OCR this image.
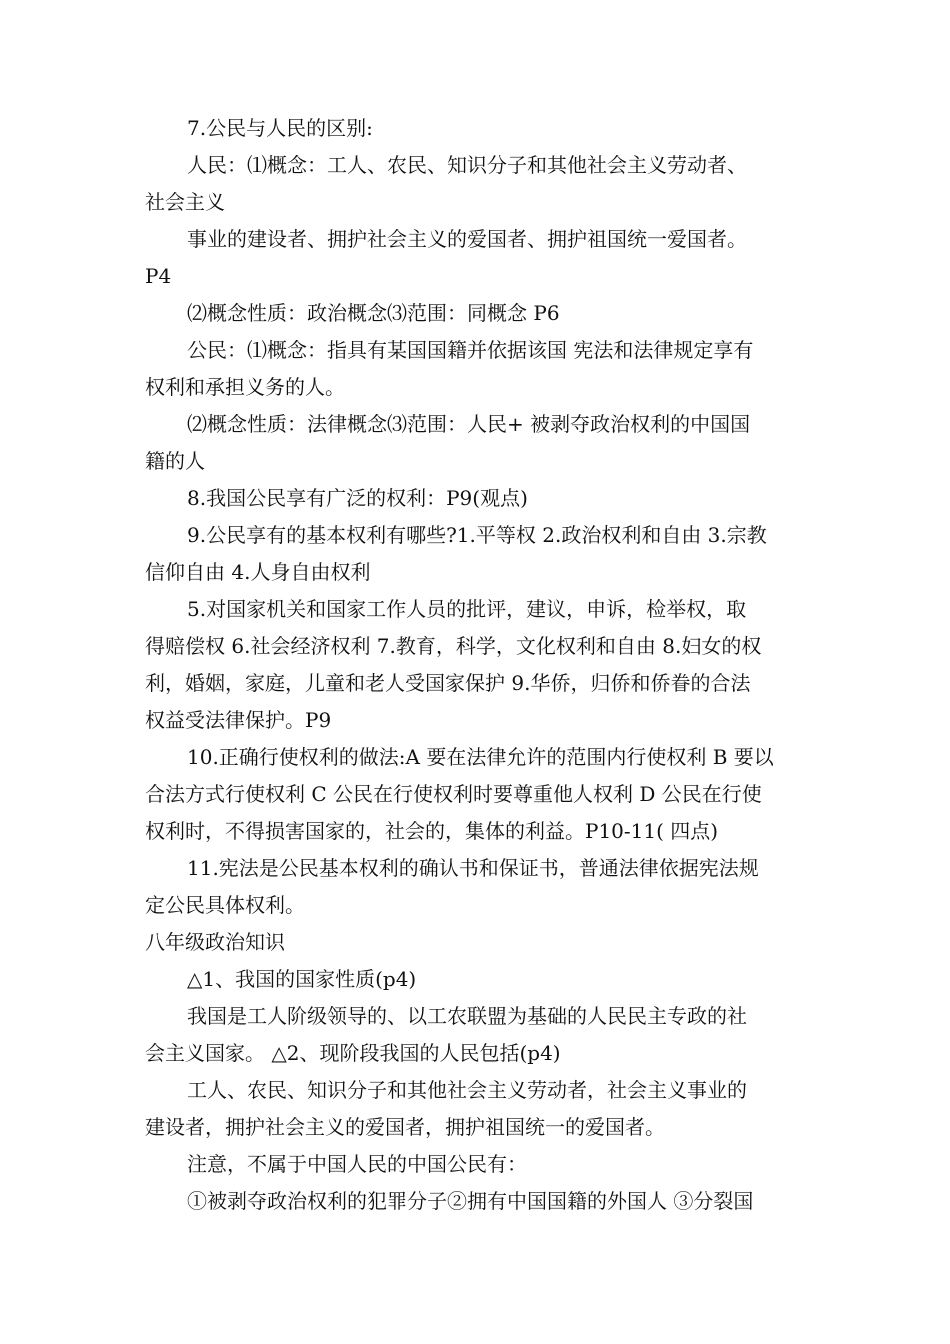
7.公民与人民的区别:

人民：⑴概念：工人、农民、知识分子和其他社会主义劳动者、
社会主义

事业的建设者、拥护社会主义的爱国者、拥护祖国统一爱国者。
P4

⑵概念性质：政治概念⑶范围：同概念 P6

公民：⑴概念：指具有某国国籍并依据该国 宪法和法律规定享有
权利和承担义务的人。

⑵概念性质：法律概念⑶范围：人民+ 被剥夺政治权利的中国国
籍的人

8.我国公民享有广泛的权利：P9(观点)

9.公民享有的基本权利有哪些?1.平等权 2.政治权利和自由 3.宗教
信仰自由 4.人身自由权利

5.对国家机关和国家工作人员的批评，建议，申诉，检举权，取
得赔偿权 6.社会经济权利 7.教育，科学，文化权利和自由 8.妇女的权
利，婚姻，家庭，儿童和老人受国家保护 9.华侨，归侨和侨眷的合法
权益受法律保护。P9

10.正确行使权利的做法:A 要在法律允许的范围内行使权利 B 要以
合法方式行使权利 C 公民在行使权利时要尊重他人权利 D 公民在行使
权利时，不得损害国家的，社会的，集体的利益。P10-11( 四点)

11.宪法是公民基本权利的确认书和保证书，普通法律依据宪法规
定公民具体权利。

八年级政治知识

△1、我国的国家性质(p4)

我国是工人阶级领导的、以工农联盟为基础的人民民主专政的社
会主义国家。 △2、现阶段我国的人民包括(p4)

工人、农民、知识分子和其他社会主义劳动者，社会主义事业的
建设者，拥护社会主义的爱国者，拥护祖国统一的爱国者。

注意，不属于中国人民的中国公民有：

①被剥夺政治权利的犯罪分子②拥有中国国籍的外国人 ③分裂国
